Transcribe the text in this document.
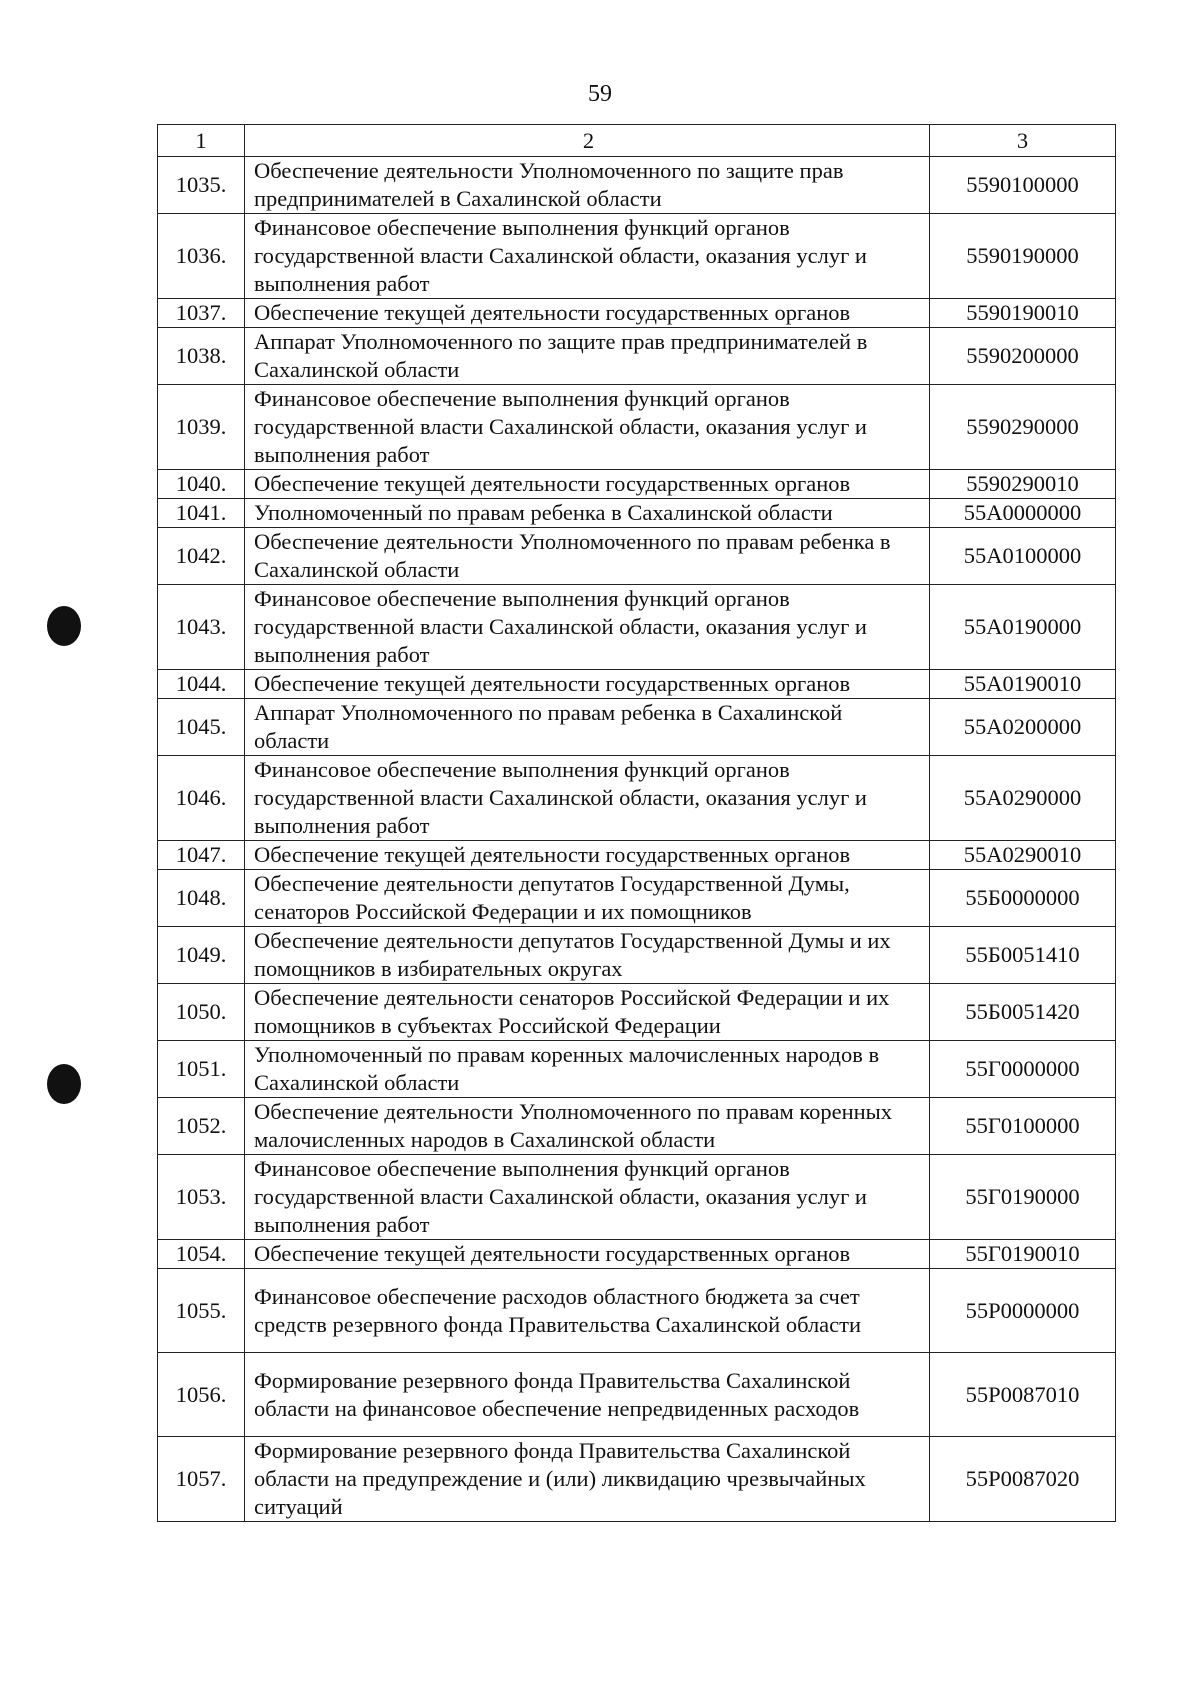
59
1	2	3
1035.	Обеспечение деятельности Уполномоченного по защите прав предпринимателей в Сахалинской области	5590100000
1036.	Финансовое обеспечение выполнения функций органов государственной власти Сахалинской области, оказания услуг и выполнения работ	5590190000
1037.	Обеспечение текущей деятельности государственных органов	5590190010
1038.	Аппарат Уполномоченного по защите прав предпринимателей в Сахалинской области	5590200000
1039.	Финансовое обеспечение выполнения функций органов государственной власти Сахалинской области, оказания услуг и выполнения работ	5590290000
1040.	Обеспечение текущей деятельности государственных органов	5590290010
1041.	Уполномоченный по правам ребенка в Сахалинской области	55А0000000
1042.	Обеспечение деятельности Уполномоченного по правам ребенка в Сахалинской области	55А0100000
1043.	Финансовое обеспечение выполнения функций органов государственной власти Сахалинской области, оказания услуг и выполнения работ	55А0190000
1044.	Обеспечение текущей деятельности государственных органов	55А0190010
1045.	Аппарат Уполномоченного по правам ребенка в Сахалинской области	55А0200000
1046.	Финансовое обеспечение выполнения функций органов государственной власти Сахалинской области, оказания услуг и выполнения работ	55А0290000
1047.	Обеспечение текущей деятельности государственных органов	55А0290010
1048.	Обеспечение деятельности депутатов Государственной Думы, сенаторов Российской Федерации и их помощников	55Б0000000
1049.	Обеспечение деятельности депутатов Государственной Думы и их помощников в избирательных округах	55Б0051410
1050.	Обеспечение деятельности сенаторов Российской Федерации и их помощников в субъектах Российской Федерации	55Б0051420
1051.	Уполномоченный по правам коренных малочисленных народов в Сахалинской области	55Г0000000
1052.	Обеспечение деятельности Уполномоченного по правам коренных малочисленных народов в Сахалинской области	55Г0100000
1053.	Финансовое обеспечение выполнения функций органов государственной власти Сахалинской области, оказания услуг и выполнения работ	55Г0190000
1054.	Обеспечение текущей деятельности государственных органов	55Г0190010
1055.	Финансовое обеспечение расходов областного бюджета за счет средств резервного фонда Правительства Сахалинской области	55Р0000000
1056.	Формирование резервного фонда Правительства Сахалинской области на финансовое обеспечение непредвиденных расходов	55Р0087010
1057.	Формирование резервного фонда Правительства Сахалинской области на предупреждение и (или) ликвидацию чрезвычайных ситуаций	55Р0087020
